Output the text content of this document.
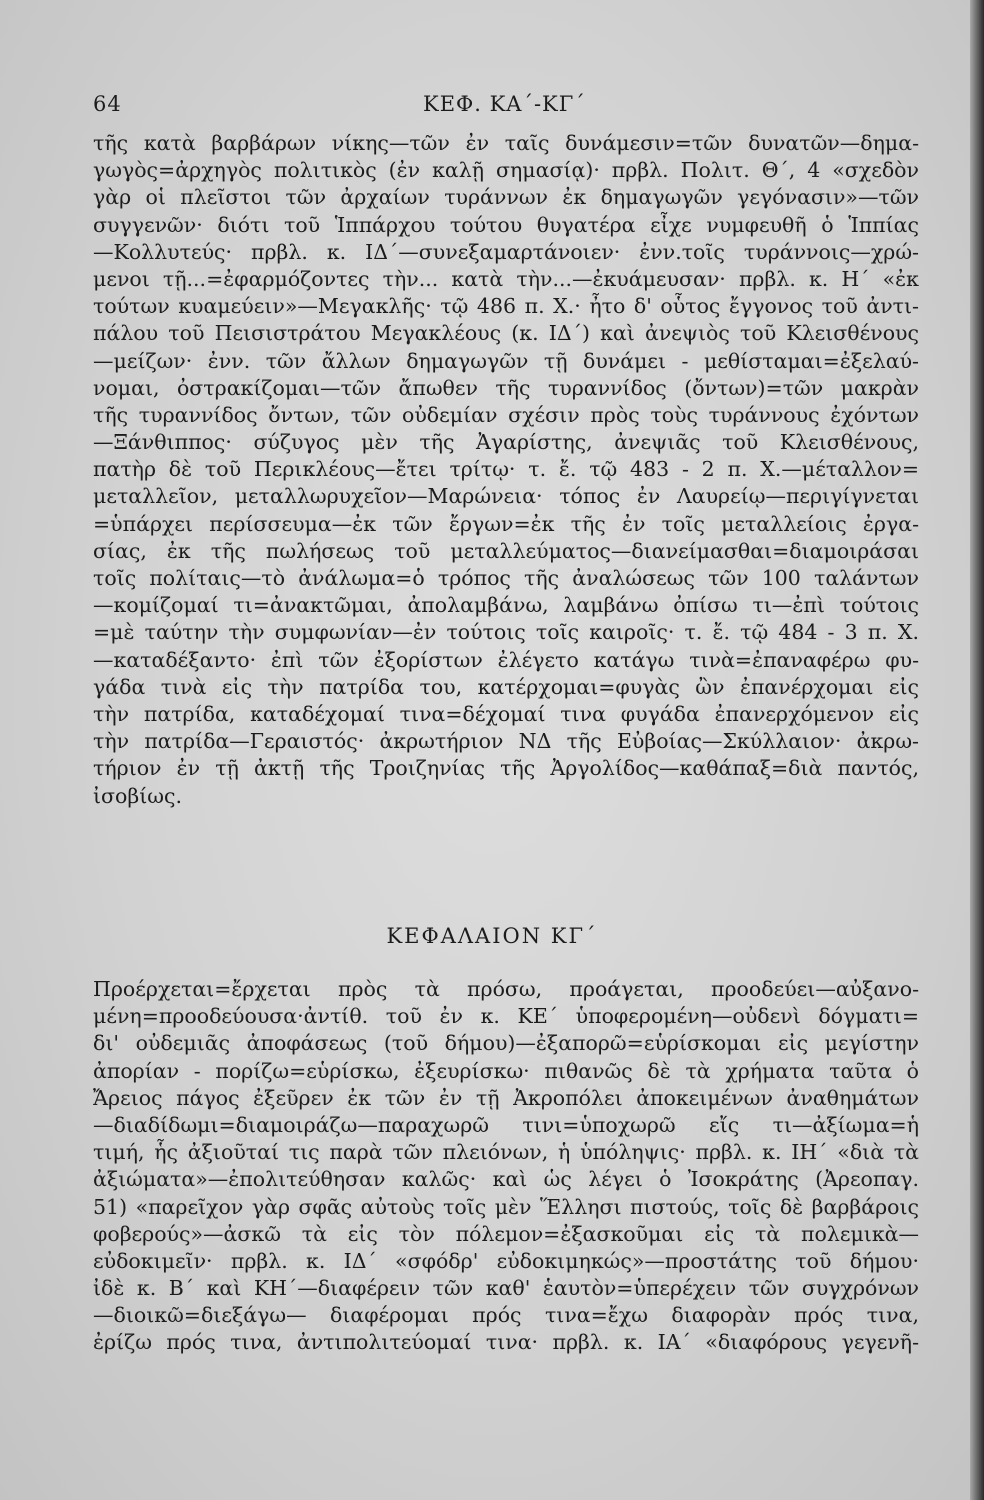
64	ΚΕΦ. ΚΑ΄-ΚΓ΄
τῆς κατὰ βαρβάρων νίκης—τῶν ἐν ταῖς δυνάμεσιν=τῶν δυνατῶν—δημα-
γωγὸς=ἀρχηγὸς πολιτικὸς (ἐν καλῇ σημασίᾳ)· πρβλ. Πολιτ. Θ΄, 4 «σχεδὸν
γὰρ οἱ πλεῖστοι τῶν ἀρχαίων τυράννων ἐκ δημαγωγῶν γεγόνασιν»—τῶν
συγγενῶν· διότι τοῦ Ἱππάρχου τούτου θυγατέρα εἶχε νυμφευθῆ ὁ Ἱππίας
—Κολλυτεύς· πρβλ. κ. ΙΔ΄—συνεξαμαρτάνοιεν· ἐνν.τοῖς τυράννοις—χρώ-
μενοι τῇ...=ἐφαρμόζοντες τὴν... κατὰ τὴν...—ἐκυάμευσαν· πρβλ. κ. Η΄ «ἐκ
τούτων κυαμεύειν»—Μεγακλῆς· τῷ 486 π. Χ.· ἦτο δ' οὗτος ἔγγονος τοῦ ἀντι-
πάλου τοῦ Πεισιστράτου Μεγακλέους (κ. ΙΔ΄) καὶ ἀνεψιὸς τοῦ Κλεισθένους
—μείζων· ἐνν. τῶν ἄλλων δημαγωγῶν τῇ δυνάμει - μεθίσταμαι=ἐξελαύ-
νομαι, ὀστρακίζομαι—τῶν ἄπωθεν τῆς τυραννίδος (ὄντων)=τῶν μακρὰν
τῆς τυραννίδος ὄντων, τῶν οὐδεμίαν σχέσιν πρὸς τοὺς τυράννους ἐχόντων
—Ξάνθιππος· σύζυγος μὲν τῆς Ἀγαρίστης, ἀνεψιᾶς τοῦ Κλεισθένους,
πατὴρ δὲ τοῦ Περικλέους—ἔτει τρίτῳ· τ. ἔ. τῷ 483 - 2 π. Χ.—μέταλλον=
μεταλλεῖον, μεταλλωρυχεῖον—Μαρώνεια· τόπος ἐν Λαυρείῳ—περιγίγνεται
=ὑπάρχει περίσσευμα—ἐκ τῶν ἔργων=ἐκ τῆς ἐν τοῖς μεταλλείοις ἐργα-
σίας, ἐκ τῆς πωλήσεως τοῦ μεταλλεύματος—διανείμασθαι=διαμοιράσαι
τοῖς πολίταις—τὸ ἀνάλωμα=ὁ τρόπος τῆς ἀναλώσεως τῶν 100 ταλάντων
—κομίζομαί τι=ἀνακτῶμαι, ἀπολαμβάνω, λαμβάνω ὀπίσω τι—ἐπὶ τούτοις
=μὲ ταύτην τὴν συμφωνίαν—ἐν τούτοις τοῖς καιροῖς· τ. ἔ. τῷ 484 - 3 π. Χ.
—καταδέξαντο· ἐπὶ τῶν ἐξορίστων ἐλέγετο κατάγω τινὰ=ἐπαναφέρω φυ-
γάδα τινὰ εἰς τὴν πατρίδα του, κατέρχομαι=φυγὰς ὢν ἐπανέρχομαι εἰς
τὴν πατρίδα, καταδέχομαί τινα=δέχομαί τινα φυγάδα ἐπανερχόμενον εἰς
τὴν πατρίδα—Γεραιστός· ἀκρωτήριον ΝΔ τῆς Εὐβοίας—Σκύλλαιον· ἀκρω-
τήριον ἐν τῇ ἀκτῇ τῆς Τροιζηνίας τῆς Ἀργολίδος—καθάπαξ=διὰ παντός,
ἰσοβίως.
ΚΕΦΑΛΑΙΟΝ ΚΓ΄
Προέρχεται=ἔρχεται πρὸς τὰ πρόσω, προάγεται, προοδεύει—αὐξανο-
μένη=προοδεύουσα·ἀντίθ. τοῦ ἐν κ. ΚΕ΄ ὑποφερομένη—οὐδενὶ δόγματι=
δι' οὐδεμιᾶς ἀποφάσεως (τοῦ δήμου)—ἐξαπορῶ=εὑρίσκομαι εἰς μεγίστην
ἀπορίαν - πορίζω=εὑρίσκω, ἐξευρίσκω· πιθανῶς δὲ τὰ χρήματα ταῦτα ὁ
Ἄρειος πάγος ἐξεῦρεν ἐκ τῶν ἐν τῇ Ἀκροπόλει ἀποκειμένων ἀναθημάτων
—διαδίδωμι=διαμοιράζω—παραχωρῶ τινι=ὑποχωρῶ εἴς τι—ἀξίωμα=ἡ
τιμή, ἧς ἀξιοῦταί τις παρὰ τῶν πλειόνων, ἡ ὑπόληψις· πρβλ. κ. ΙΗ΄ «διὰ τὰ
ἀξιώματα»—ἐπολιτεύθησαν καλῶς· καὶ ὡς λέγει ὁ Ἰσοκράτης (Ἀρεοπαγ.
51) «παρεῖχον γὰρ σφᾶς αὐτοὺς τοῖς μὲν Ἕλλησι πιστούς, τοῖς δὲ βαρβάροις
φοβερούς»—ἀσκῶ τὰ εἰς τὸν πόλεμον=ἐξασκοῦμαι εἰς τὰ πολεμικὰ—
εὐδοκιμεῖν· πρβλ. κ. ΙΔ΄ «σφόδρ' εὐδοκιμηκώς»—προστάτης τοῦ δήμου·
ἰδὲ κ. Β΄ καὶ ΚΗ΄—διαφέρειν τῶν καθ' ἑαυτὸν=ὑπερέχειν τῶν συγχρόνων
—διοικῶ=διεξάγω— διαφέρομαι πρός τινα=ἔχω διαφορὰν πρός τινα,
ἐρίζω πρός τινα, ἀντιπολιτεύομαί τινα· πρβλ. κ. ΙΑ΄ «διαφόρους γεγενῆ-
